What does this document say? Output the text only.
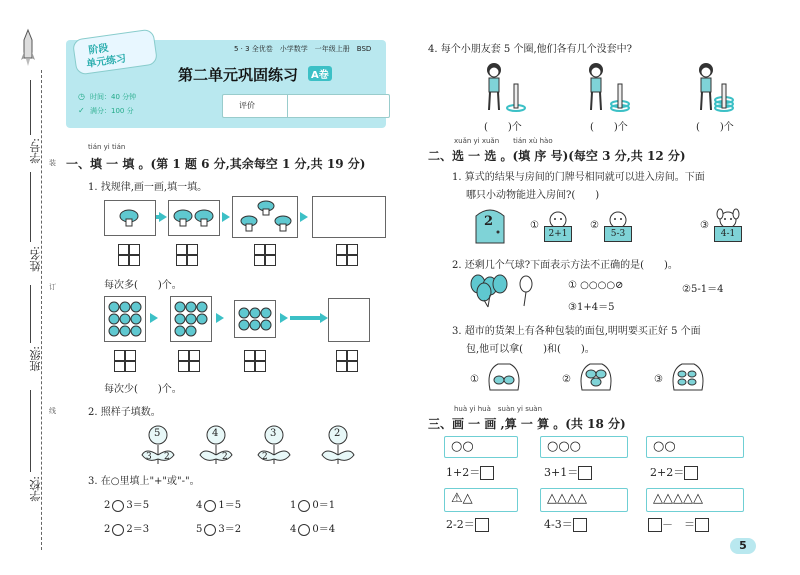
学号:
姓名:
班级:
学校:
装
订
线
阶段
单元练习
5 · 3 全优卷　小学数学　一年级上册　BSD
第二单元巩固练习	A卷
◷ 时间：40 分钟
✓ 满分：100 分
评价
tián yi tián
一、填 一 填 。(第 1 题 6 分,其余每空 1 分,共 19 分)
1. 找规律,画一画,填一填。
每次多(　　)个。
每次少(　　)个。
2. 照样子填数。
5
3 2
4
2
3
2
2
3. 在○里填上"+"或"-"。
2 3＝5	4 1＝5	1 0＝1
2 2＝3	5 3＝2	4 0＝4
4. 每个小朋友套 5 个圈,他们各有几个没套中?
(　　)个	(　　)个	(　　)个
xuǎn yi xuǎn　　tián xù hào
二、选 一 选 。(填 序 号)(每空 3 分,共 12 分)
1. 算式的结果与房间的门牌号相同就可以进入房间。下面
哪只小动物能进入房间?(　　)
2	①
2+1
②
5-3
③
4-1
2. 还剩几个气球?下面表示方法不正确的是(　　)。
① ○○○○⊘	②5-1＝4
③1+4＝5
3. 超市的货架上有各种包装的面包,明明要买正好 5 个面
包,他可以拿(　　)和(　　)。
①	②	③
huà yi huà　suàn yi suàn
三、画 一 画 ,算 一 算 。(共 18 分)
○○	○○○	○○
1+2＝	3+1＝	2+2＝
⚠△	△△△△	△△△△△
2-2＝	4-3＝	－　＝
5
